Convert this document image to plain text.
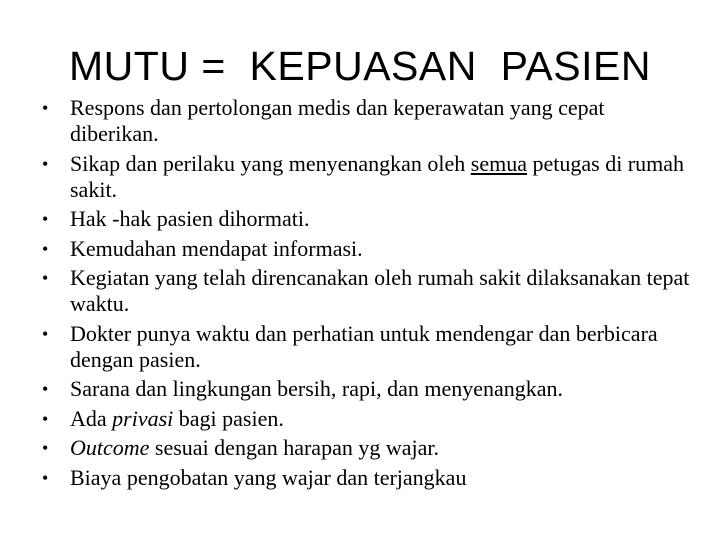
MUTU =  KEPUASAN  PASIEN
• Respons dan pertolongan medis dan keperawatan yang cepat diberikan.
• Sikap dan perilaku yang menyenangkan oleh semua petugas di rumah sakit.
• Hak -hak pasien dihormati.
• Kemudahan mendapat informasi.
• Kegiatan yang telah direncanakan oleh rumah sakit dilaksanakan tepat waktu.
• Dokter punya waktu dan perhatian untuk mendengar dan berbicara dengan pasien.
• Sarana dan lingkungan bersih, rapi, dan menyenangkan.
• Ada privasi bagi pasien.
• Outcome sesuai dengan harapan yg wajar.
• Biaya pengobatan yang wajar dan terjangkau
